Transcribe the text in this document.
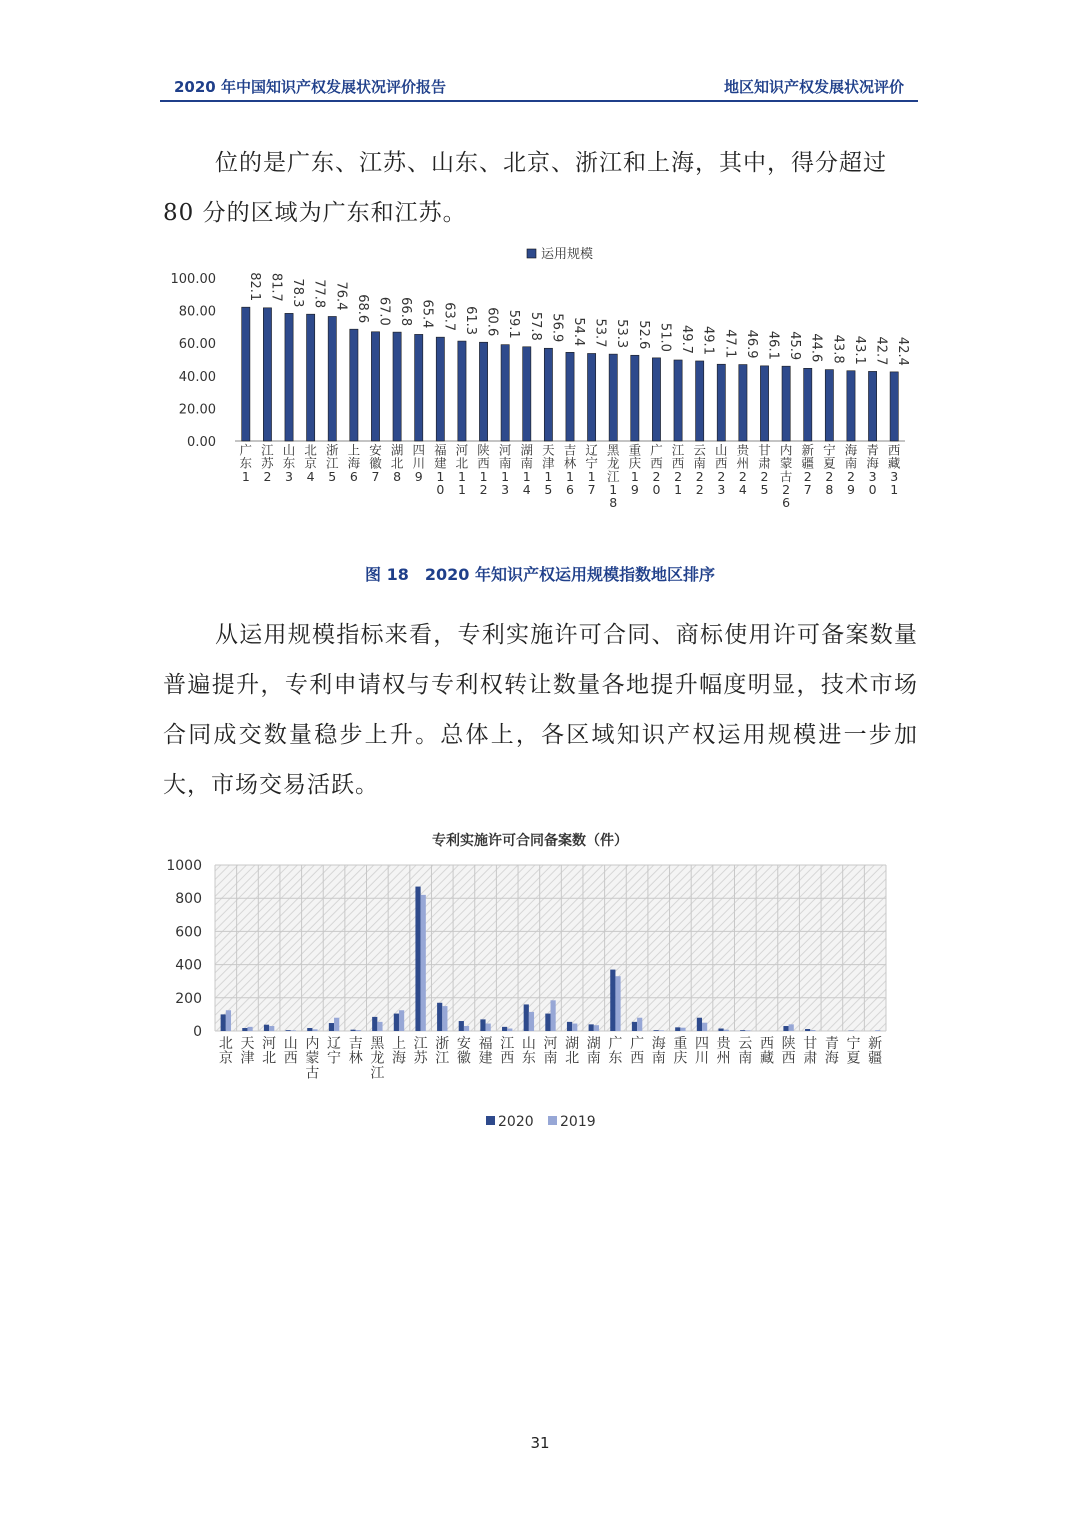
2020 年中国知识产权发展状况评价报告	地区知识产权发展状况评价
位的是广东、江苏、山东、北京、浙江和上海，其中，得分超过80 分的区域为广东和江苏。
运用规模
0.00
20.00
40.00
60.00
80.00
100.00 82.1 81.7 78.3 77.8 76.4 68.6 67.0 66.8 65.4 63.7 61.3 60.6 59.1 57.8 56.9 54.4 53.7 53.3 52.6 51.0 49.7 49.1 47.1 46.9 46.1 45.9 44.6 43.8 43.1 42.7 42.4
广东 1
江苏 2
山东 3
北京 4
浙江 5
上海 6
安徽 7
湖北 8
四川 9
福建 1 0
河北 1 1
陕西 1 2
河南 1 3
湖南 1 4
天津 1 5
吉林 1 6
辽宁 1 7
黑龙江 1 8
重庆 1 9
广西 2 0
江西 2 1
云南 2 2
山西 2 3
贵州 2 4
甘肃 2 5
内蒙古 2 6
新疆 2 7
宁夏 2 8
海南 2 9
青海 3 0
西藏 3 1
图 18　2020 年知识产权运用规模指数地区排序
从运用规模指标来看，专利实施许可合同、商标使用许可备案数量普遍提升，专利申请权与专利权转让数量各地提升幅度明显，技术市场合同成交数量稳步上升。总体上，各区域知识产权运用规模进一步加大，市场交易活跃。
专利实施许可合同备案数（件）
0
200
400
600
800
1000
北京
天津
河北
山西
内蒙古
辽宁
吉林
黑龙江
上海
江苏
浙江
安徽
福建
江西
山东
河南
湖北
湖南
广东
广西
海南
重庆
四川
贵州
云南
西藏
陕西
甘肃
青海
宁夏
新疆
2020 2019
31
